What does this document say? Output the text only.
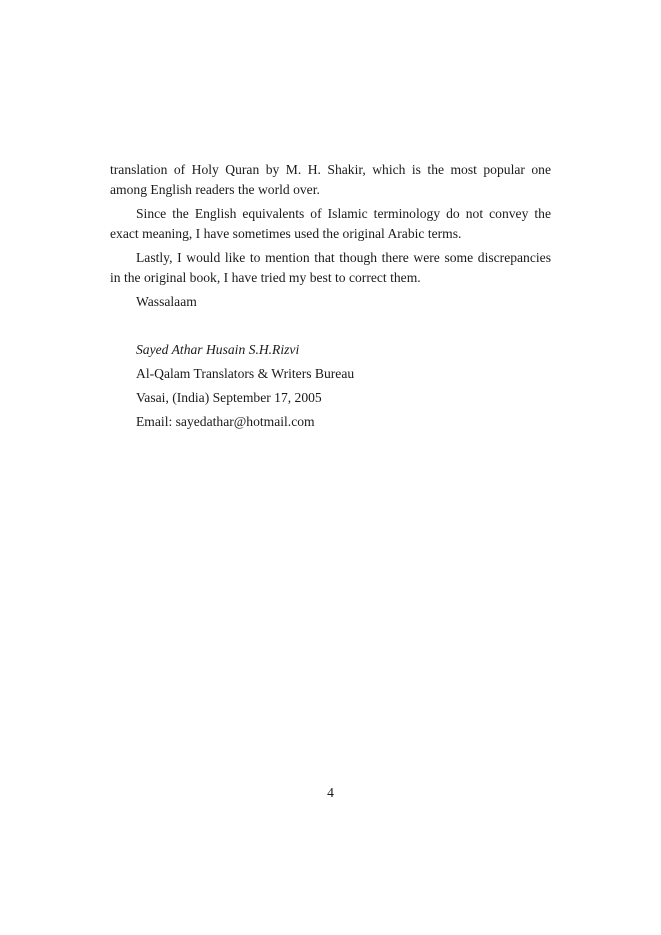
translation of Holy Quran by M. H. Shakir, which is the most popular one among English readers the world over.

Since the English equivalents of Islamic terminology do not convey the exact meaning, I have sometimes used the original Arabic terms.

Lastly, I would like to mention that though there were some discrepancies in the original book, I have tried my best to correct them.

Wassalaam

Sayed Athar Husain S.H.Rizvi

Al-Qalam Translators & Writers Bureau

Vasai, (India) September 17, 2005

Email: sayedathar@hotmail.com

4
